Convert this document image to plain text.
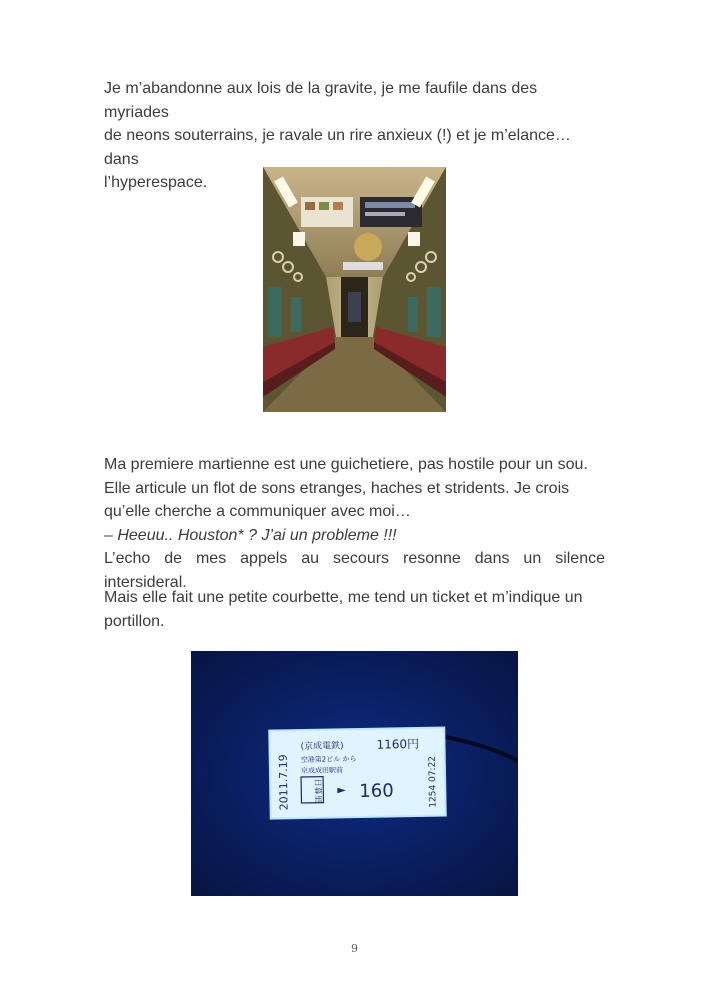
Je m’abandonne aux lois de la gravite, je me faufile dans des myriades
de neons souterrains, je ravale un rire anxieux (!) et je m’elance… dans
l’hyperespace.

Ma premiere martienne est une guichetiere, pas hostile pour un sou.
Elle articule un flot de sons etranges, haches et stridents. Je crois
qu’elle cherche a communiquer avec moi…
– Heeuu.. Houston* ? J’ai un probleme !!!
L’echo de mes appels au secours resonne dans un silence intersideral.

Mais elle fait une petite courbette, me tend un ticket et m’indique un
portillon.

2011.7.19
(京成電鉄)	1160円
空港第2ビル から
京成成田駅前
日暮里 ► 160	1254 07:22
9
